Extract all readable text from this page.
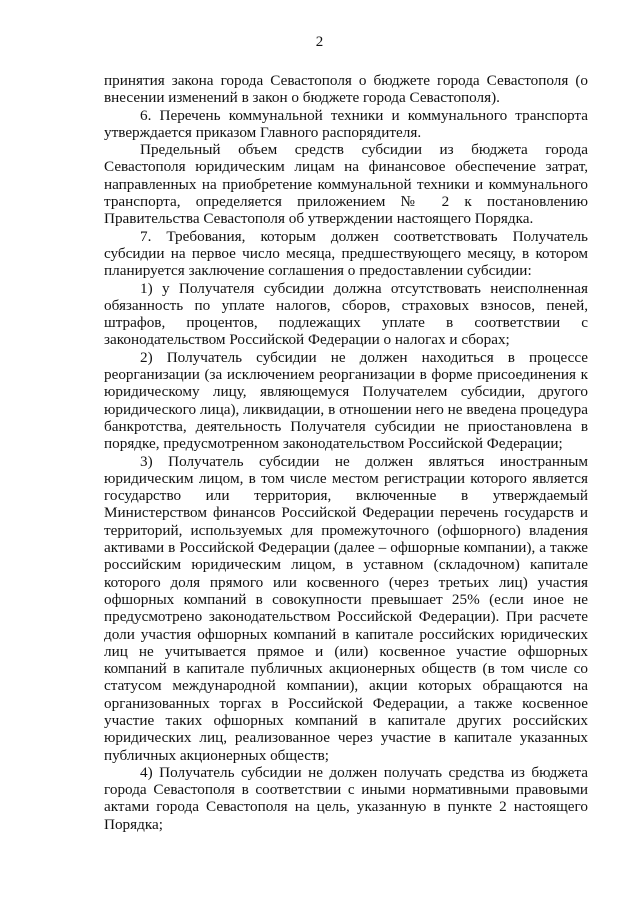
2

принятия закона города Севастополя о бюджете города Севастополя (о внесении изменений в закон о бюджете города Севастополя).

6. Перечень коммунальной техники и коммунального транспорта утверждается приказом Главного распорядителя.

Предельный объем средств субсидии из бюджета города Севастополя юридическим лицам на финансовое обеспечение затрат, направленных на приобретение коммунальной техники и коммунального транспорта, определяется приложением № 2 к постановлению Правительства Севастополя об утверждении настоящего Порядка.

7. Требования, которым должен соответствовать Получатель субсидии на первое число месяца, предшествующего месяцу, в котором планируется заключение соглашения о предоставлении субсидии:

1) у Получателя субсидии должна отсутствовать неисполненная обязанность по уплате налогов, сборов, страховых взносов, пеней, штрафов, процентов, подлежащих уплате в соответствии с законодательством Российской Федерации о налогах и сборах;

2) Получатель субсидии не должен находиться в процессе реорганизации (за исключением реорганизации в форме присоединения к юридическому лицу, являющемуся Получателем субсидии, другого юридического лица), ликвидации, в отношении него не введена процедура банкротства, деятельность Получателя субсидии не приостановлена в порядке, предусмотренном законодательством Российской Федерации;

3) Получатель субсидии не должен являться иностранным юридическим лицом, в том числе местом регистрации которого является государство или территория, включенные в утверждаемый Министерством финансов Российской Федерации перечень государств и территорий, используемых для промежуточного (офшорного) владения активами в Российской Федерации (далее – офшорные компании), а также российским юридическим лицом, в уставном (складочном) капитале которого доля прямого или косвенного (через третьих лиц) участия офшорных компаний в совокупности превышает 25% (если иное не предусмотрено законодательством Российской Федерации). При расчете доли участия офшорных компаний в капитале российских юридических лиц не учитывается прямое и (или) косвенное участие офшорных компаний в капитале публичных акционерных обществ (в том числе со статусом международной компании), акции которых обращаются на организованных торгах в Российской Федерации, а также косвенное участие таких офшорных компаний в капитале других российских юридических лиц, реализованное через участие в капитале указанных публичных акционерных обществ;

4) Получатель субсидии не должен получать средства из бюджета города Севастополя в соответствии с иными нормативными правовыми актами города Севастополя на цель, указанную в пункте 2 настоящего Порядка;
